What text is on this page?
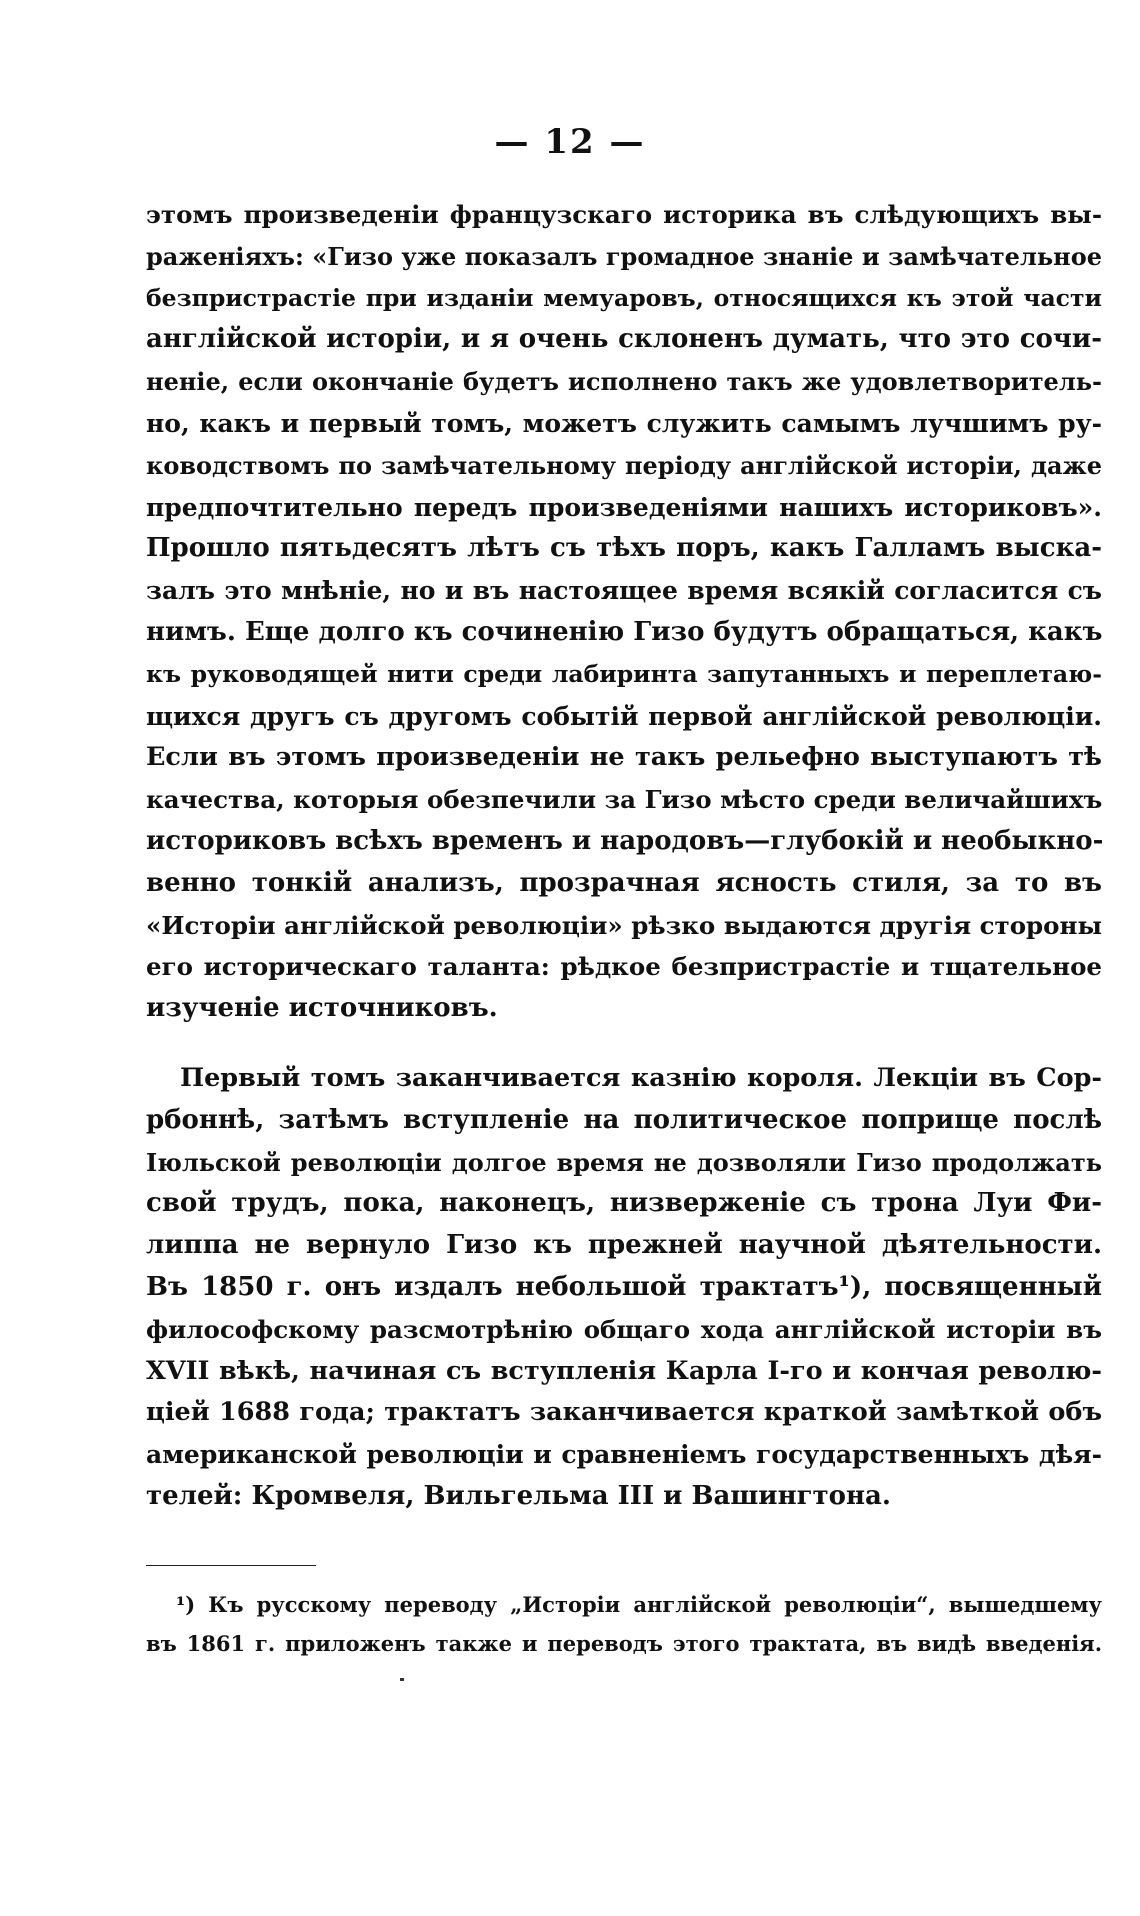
— 12 —
этомъ произведенiи французскаго историка въ слѣдующихъ вы-
раженiяхъ: «Гизо уже показалъ громадное знанiе и замѣчательное
безпристрастiе при изданiи мемуаровъ, относящихся къ этой части
англiйской исторiи, и я очень склоненъ думать, что это сочи-
ненiе, если окончанiе будетъ исполнено такъ же удовлетворитель-
но, какъ и первый томъ, можетъ служить самымъ лучшимъ ру-
ководствомъ по замѣчательному перiоду англiйской исторiи, даже
предпочтительно передъ произведенiями нашихъ историковъ».
Прошло пятьдесятъ лѣтъ съ тѣхъ поръ, какъ Галламъ выска-
залъ это мнѣнiе, но и въ настоящее время всякiй согласится съ
нимъ. Еще долго къ сочиненiю Гизо будутъ обращаться, какъ
къ руководящей нити среди лабиринта запутанныхъ и переплетаю-
щихся другъ съ другомъ событiй первой англiйской революцiи.
Если въ этомъ произведенiи не такъ рельефно выступаютъ тѣ
качества, которыя обезпечили за Гизо мѣсто среди величайшихъ
историковъ всѣхъ временъ и народовъ—глубокiй и необыкно-
венно тонкiй анализъ, прозрачная ясность стиля, за то въ
«Исторiи англiйской революцiи» рѣзко выдаются другiя стороны
его историческаго таланта: рѣдкое безпристрастiе и тщательное
изученiе источниковъ.
Первый томъ заканчивается казнiю короля. Лекцiи въ Сор-
рбоннѣ, затѣмъ вступленiе на политическое поприще послѣ
Iюльской революцiи долгое время не дозволяли Гизо продолжать
свой трудъ, пока, наконецъ, низверженiе съ трона Луи Фи-
липпа не вернуло Гизо къ прежней научной дѣятельности.
Въ 1850 г. онъ издалъ небольшой трактатъ¹), посвященный
философскому разсмотрѣнiю общаго хода англiйской исторiи въ
XVII вѣкѣ, начиная съ вступленiя Карла I-го и кончая револю-
цiей 1688 года; трактатъ заканчивается краткой замѣткой объ
американской революцiи и сравненiемъ государственныхъ дѣя-
телей: Кромвеля, Вильгельма III и Вашингтона.
¹) Къ русскому переводу „Исторiи англiйской революцiи“, вышедшему
въ 1861 г. приложенъ также и переводъ этого трактата, въ видѣ введенiя.
